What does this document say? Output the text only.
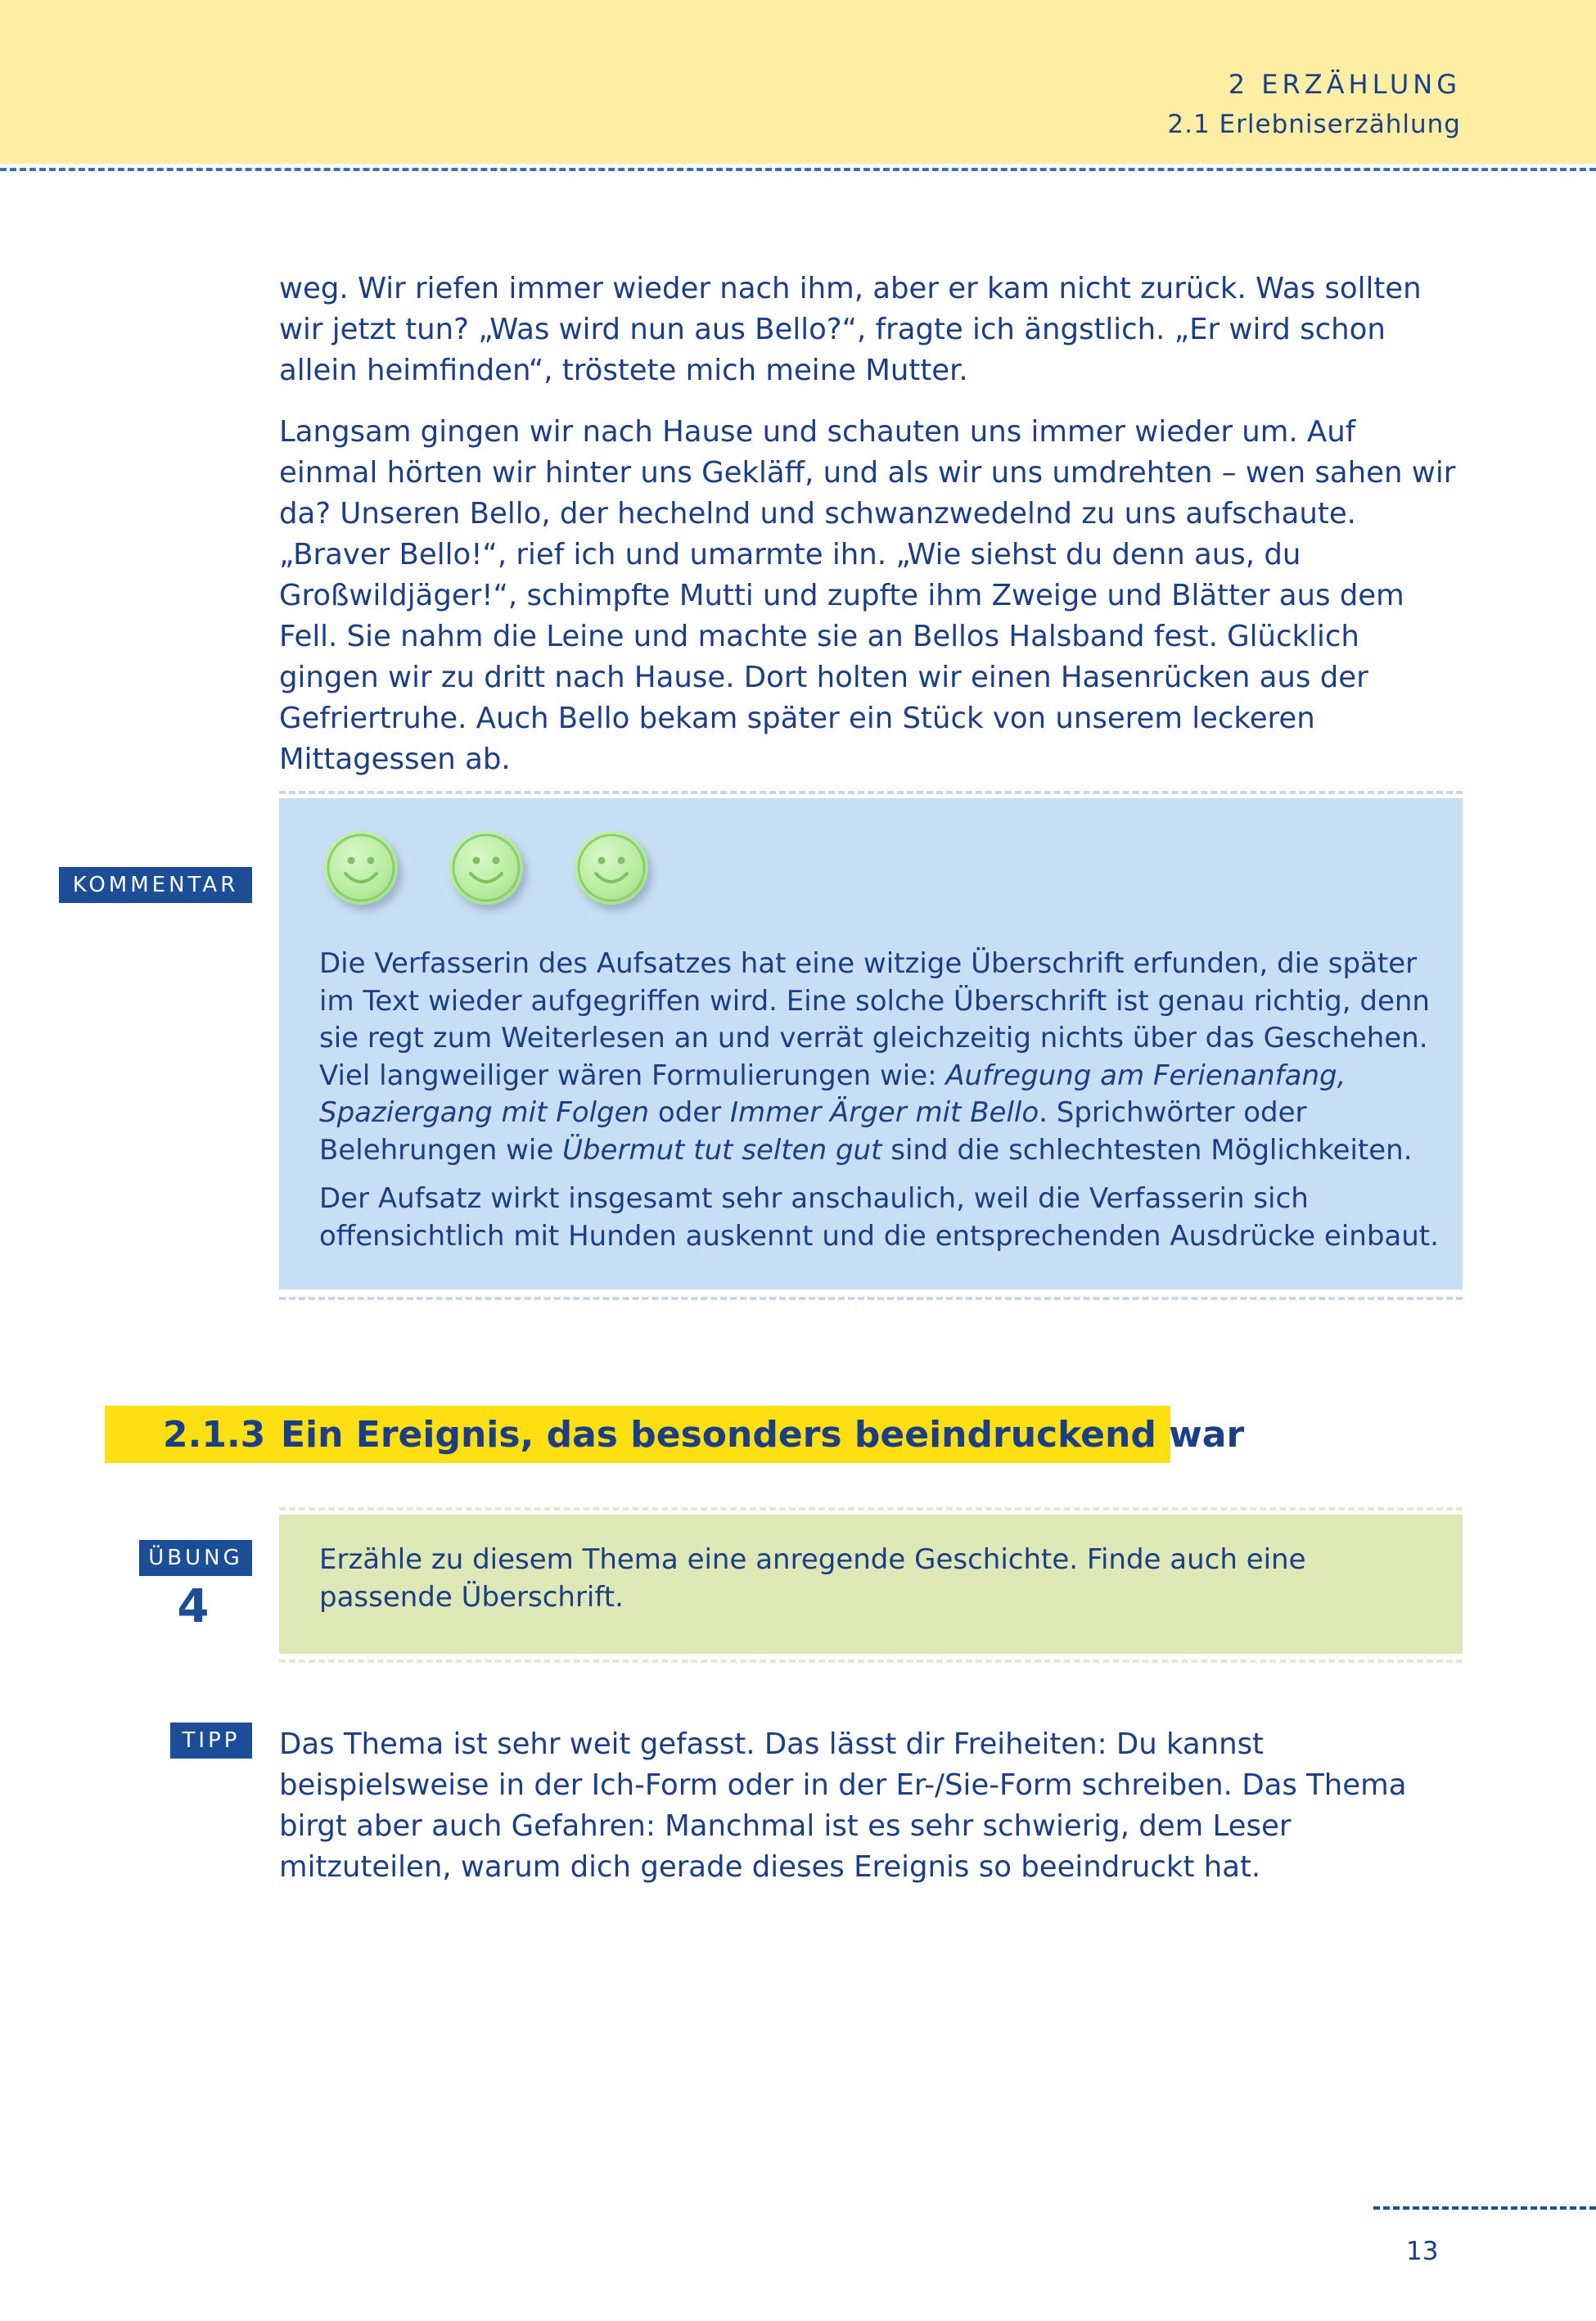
2 ERZÄHLUNG
2.1 Erlebniserzählung

weg. Wir riefen immer wieder nach ihm, aber er kam nicht zurück. Was sollten wir jetzt tun? „Was wird nun aus Bello?“, fragte ich ängstlich. „Er wird schon allein heimfinden“, tröstete mich meine Mutter.

Langsam gingen wir nach Hause und schauten uns immer wieder um. Auf einmal hörten wir hinter uns Gekläff, und als wir uns umdrehten – wen sahen wir da? Unseren Bello, der hechelnd und schwanzwedelnd zu uns aufschaute. „Braver Bello!“, rief ich und umarmte ihn. „Wie siehst du denn aus, du Großwildjäger!“, schimpfte Mutti und zupfte ihm Zweige und Blätter aus dem Fell. Sie nahm die Leine und machte sie an Bellos Halsband fest. Glücklich gingen wir zu dritt nach Hause. Dort holten wir einen Hasenrücken aus der Gefriertruhe. Auch Bello bekam später ein Stück von unserem leckeren Mittagessen ab.

KOMMENTAR

Die Verfasserin des Aufsatzes hat eine witzige Überschrift erfunden, die später im Text wieder aufgegriffen wird. Eine solche Überschrift ist genau richtig, denn sie regt zum Weiterlesen an und verrät gleichzeitig nichts über das Geschehen. Viel langweiliger wären Formulierungen wie: Aufregung am Ferienanfang, Spaziergang mit Folgen oder Immer Ärger mit Bello. Sprichwörter oder Belehrungen wie Übermut tut selten gut sind die schlechtesten Möglichkeiten.

Der Aufsatz wirkt insgesamt sehr anschaulich, weil die Verfasserin sich offensichtlich mit Hunden auskennt und die entsprechenden Ausdrücke einbaut.

2.1.3 Ein Ereignis, das besonders beeindruckend war
ÜBUNG
4

Erzähle zu diesem Thema eine anregende Geschichte. Finde auch eine passende Überschrift.

TIPP	Das Thema ist sehr weit gefasst. Das lässt dir Freiheiten: Du kannst beispielsweise in der Ich-Form oder in der Er-/Sie-Form schreiben. Das Thema birgt aber auch Gefahren: Manchmal ist es sehr schwierig, dem Leser mitzuteilen, warum dich gerade dieses Ereignis so beeindruckt hat.

13
